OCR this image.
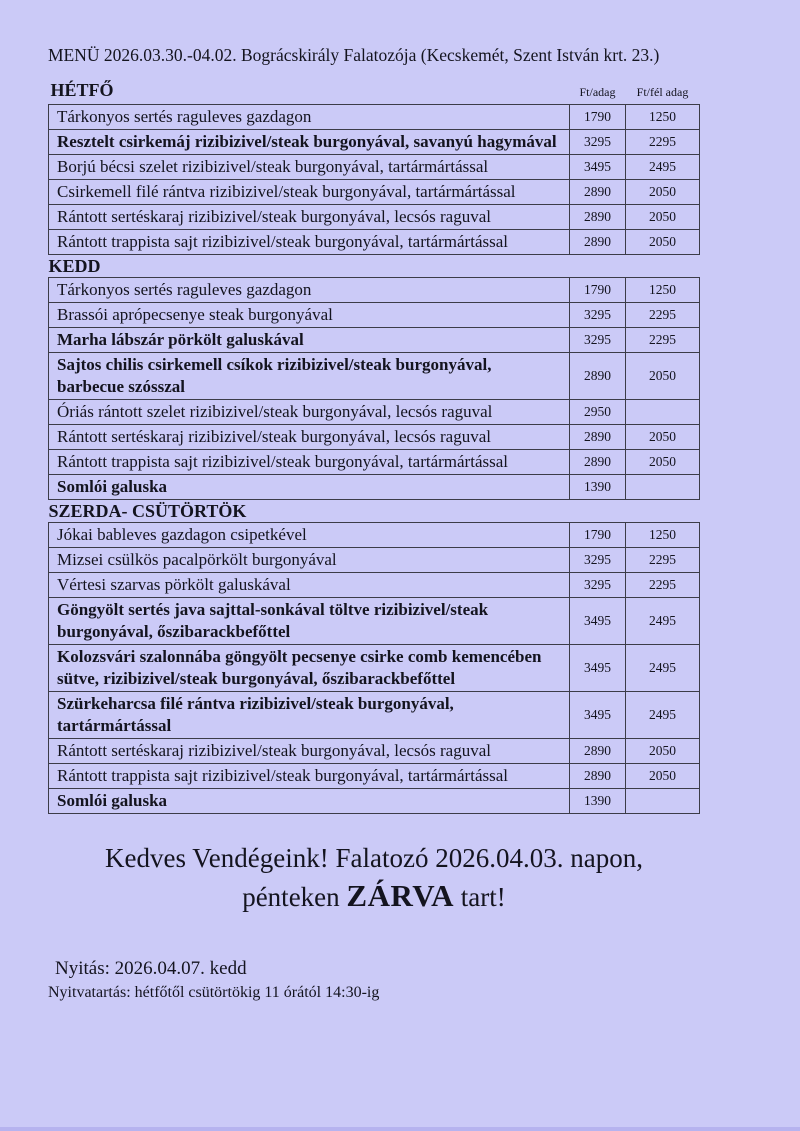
MENÜ 2026.03.30.-04.02. Bográcskirály Falatozója (Kecskemét, Szent István krt. 23.)
HÉTFŐ	Ft/adag	Ft/fél adag
Tárkonyos sertés raguleves gazdagon	1790	1250
Resztelt csirkemáj rizibizivel/steak burgonyával, savanyú hagymával	3295	2295
Borjú bécsi szelet rizibizivel/steak burgonyával, tartármártással	3495	2495
Csirkemell filé rántva rizibizivel/steak burgonyával, tartármártással	2890	2050
Rántott sertéskaraj rizibizivel/steak burgonyával, lecsós raguval	2890	2050
Rántott trappista sajt rizibizivel/steak burgonyával, tartármártással	2890	2050
KEDD		
Tárkonyos sertés raguleves gazdagon	1790	1250
Brassói aprópecsenye steak burgonyával	3295	2295
Marha lábszár pörkölt galuskával	3295	2295
Sajtos chilis csirkemell csíkok rizibizivel/steak burgonyával, barbecue szósszal	2890	2050
Óriás rántott szelet rizibizivel/steak burgonyával, lecsós raguval	2950	
Rántott sertéskaraj rizibizivel/steak burgonyával, lecsós raguval	2890	2050
Rántott trappista sajt rizibizivel/steak burgonyával, tartármártással	2890	2050
Somlói galuska	1390	
SZERDA- CSÜTÖRTÖK		
Jókai bableves gazdagon csipetkével	1790	1250
Mizsei csülkös pacalpörkölt burgonyával	3295	2295
Vértesi szarvas pörkölt galuskával	3295	2295
Göngyölt sertés java sajttal-sonkával töltve rizibizivel/steak burgonyával, őszibarackbefőttel	3495	2495
Kolozsvári szalonnába göngyölt pecsenye csirke comb kemencében sütve, rizibizivel/steak burgonyával, őszibarackbefőttel	3495	2495
Szürkeharcsa filé rántva rizibizivel/steak burgonyával, tartármártással	3495	2495
Rántott sertéskaraj rizibizivel/steak burgonyával, lecsós raguval	2890	2050
Rántott trappista sajt rizibizivel/steak burgonyával, tartármártással	2890	2050
Somlói galuska	1390	
Kedves Vendégeink! Falatozó 2026.04.03. napon,
pénteken ZÁRVA tart!
Nyitás: 2026.04.07. kedd
Nyitvatartás: hétfőtől csütörtökig 11 órától 14:30-ig
